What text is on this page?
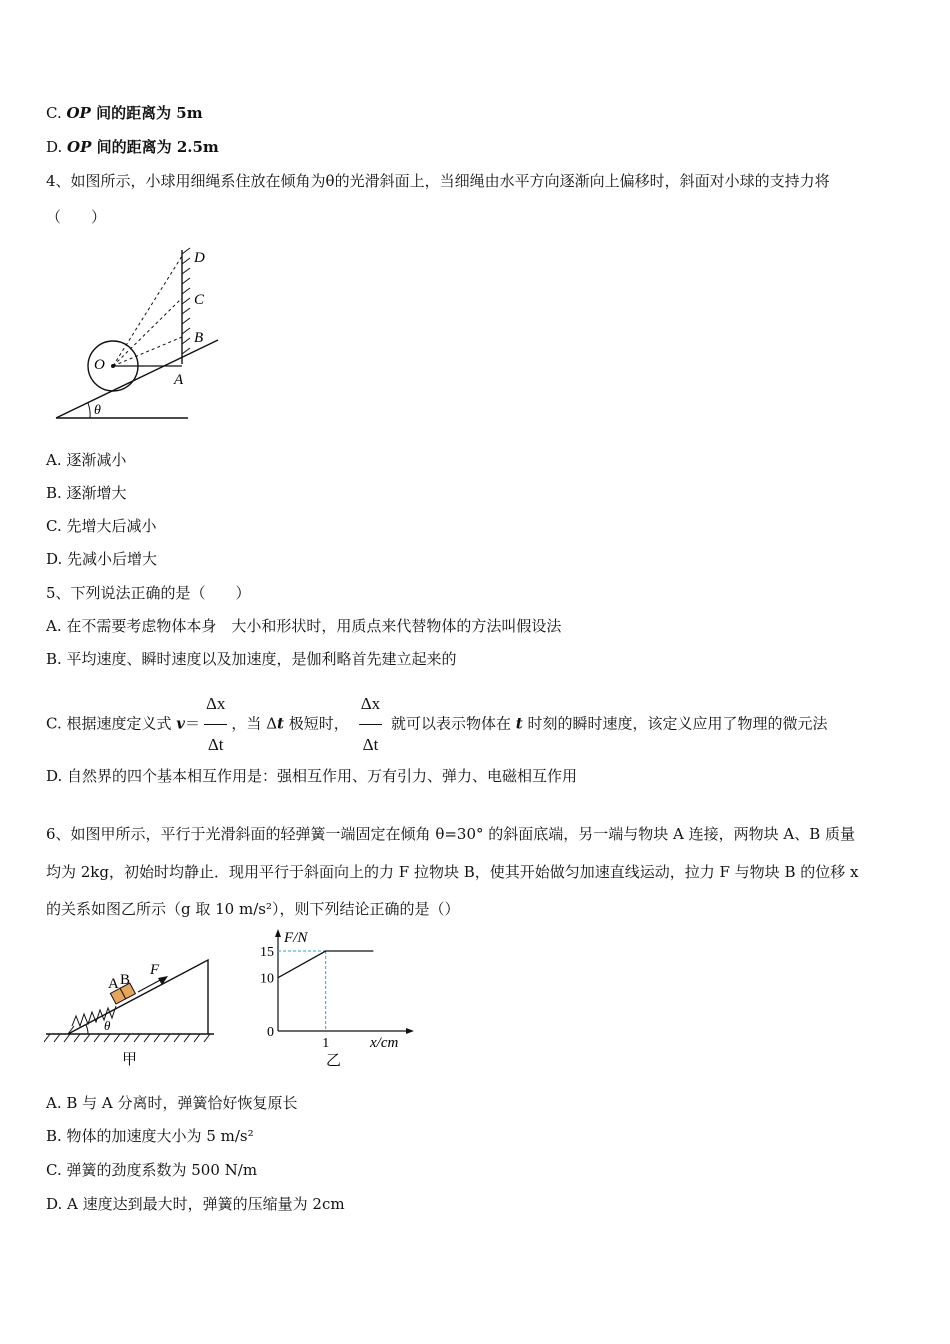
C. OP 间的距离为 5m
D. OP 间的距离为 2.5m
4、如图所示，小球用细绳系住放在倾角为θ的光滑斜面上，当细绳由水平方向逐渐向上偏移时，斜面对小球的支持力将
（　　）
O
A
B
C
D
θ
A. 逐渐减小
B. 逐渐增大
C. 先增大后减小
D. 先减小后增大
5、下列说法正确的是（　　）
A. 在不需要考虑物体本身　大小和形状时，用质点来代替物体的方法叫假设法
B. 平均速度、瞬时速度以及加速度，是伽利略首先建立起来的
C. 根据速度定义式 $v= \frac{\Delta x}{\Delta t}$ ，当 Δt 极短时， $\frac{\Delta x}{\Delta t}$ 就可以表示物体在 t 时刻的瞬时速度，该定义应用了物理的微元法
D. 自然界的四个基本相互作用是：强相互作用、万有引力、弹力、电磁相互作用
6、如图甲所示，平行于光滑斜面的轻弹簧一端固定在倾角 θ=30° 的斜面底端，另一端与物块 A 连接，两物块 A、B 质量
均为 2kg，初始时均静止．现用平行于斜面向上的力 F 拉物块 B，使其开始做匀加速直线运动，拉力 F 与物块 B 的位移 x
的关系如图乙所示（g 取 10 m/s²），则下列结论正确的是（）
A B
F
θ
甲
0
10
15
1
F/N
x/cm
乙
A. B 与 A 分离时，弹簧恰好恢复原长
B. 物体的加速度大小为 5 m/s²
C. 弹簧的劲度系数为 500 N/m
D. A 速度达到最大时，弹簧的压缩量为 2cm
